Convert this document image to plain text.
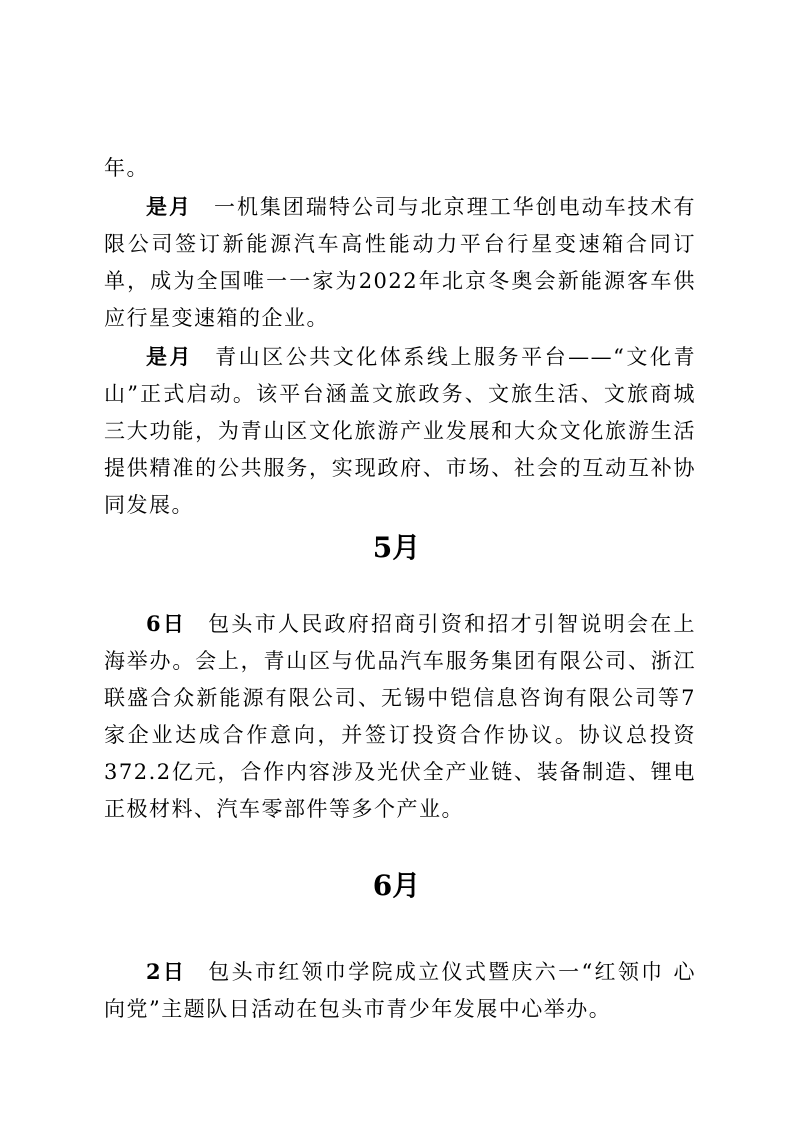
年。

是月 一机集团瑞特公司与北京理工华创电动车技术有限公司签订新能源汽车高性能动力平台行星变速箱合同订单，成为全国唯一一家为2022年北京冬奥会新能源客车供应行星变速箱的企业。

是月 青山区公共文化体系线上服务平台——“文化青山”正式启动。该平台涵盖文旅政务、文旅生活、文旅商城三大功能，为青山区文化旅游产业发展和大众文化旅游生活提供精准的公共服务，实现政府、市场、社会的互动互补协同发展。

5月

6日 包头市人民政府招商引资和招才引智说明会在上海举办。会上，青山区与优品汽车服务集团有限公司、浙江联盛合众新能源有限公司、无锡中铠信息咨询有限公司等7家企业达成合作意向，并签订投资合作协议。协议总投资372.2亿元，合作内容涉及光伏全产业链、装备制造、锂电正极材料、汽车零部件等多个产业。

6月

2日 包头市红领巾学院成立仪式暨庆六一“红领巾 心向党”主题队日活动在包头市青少年发展中心举办。
